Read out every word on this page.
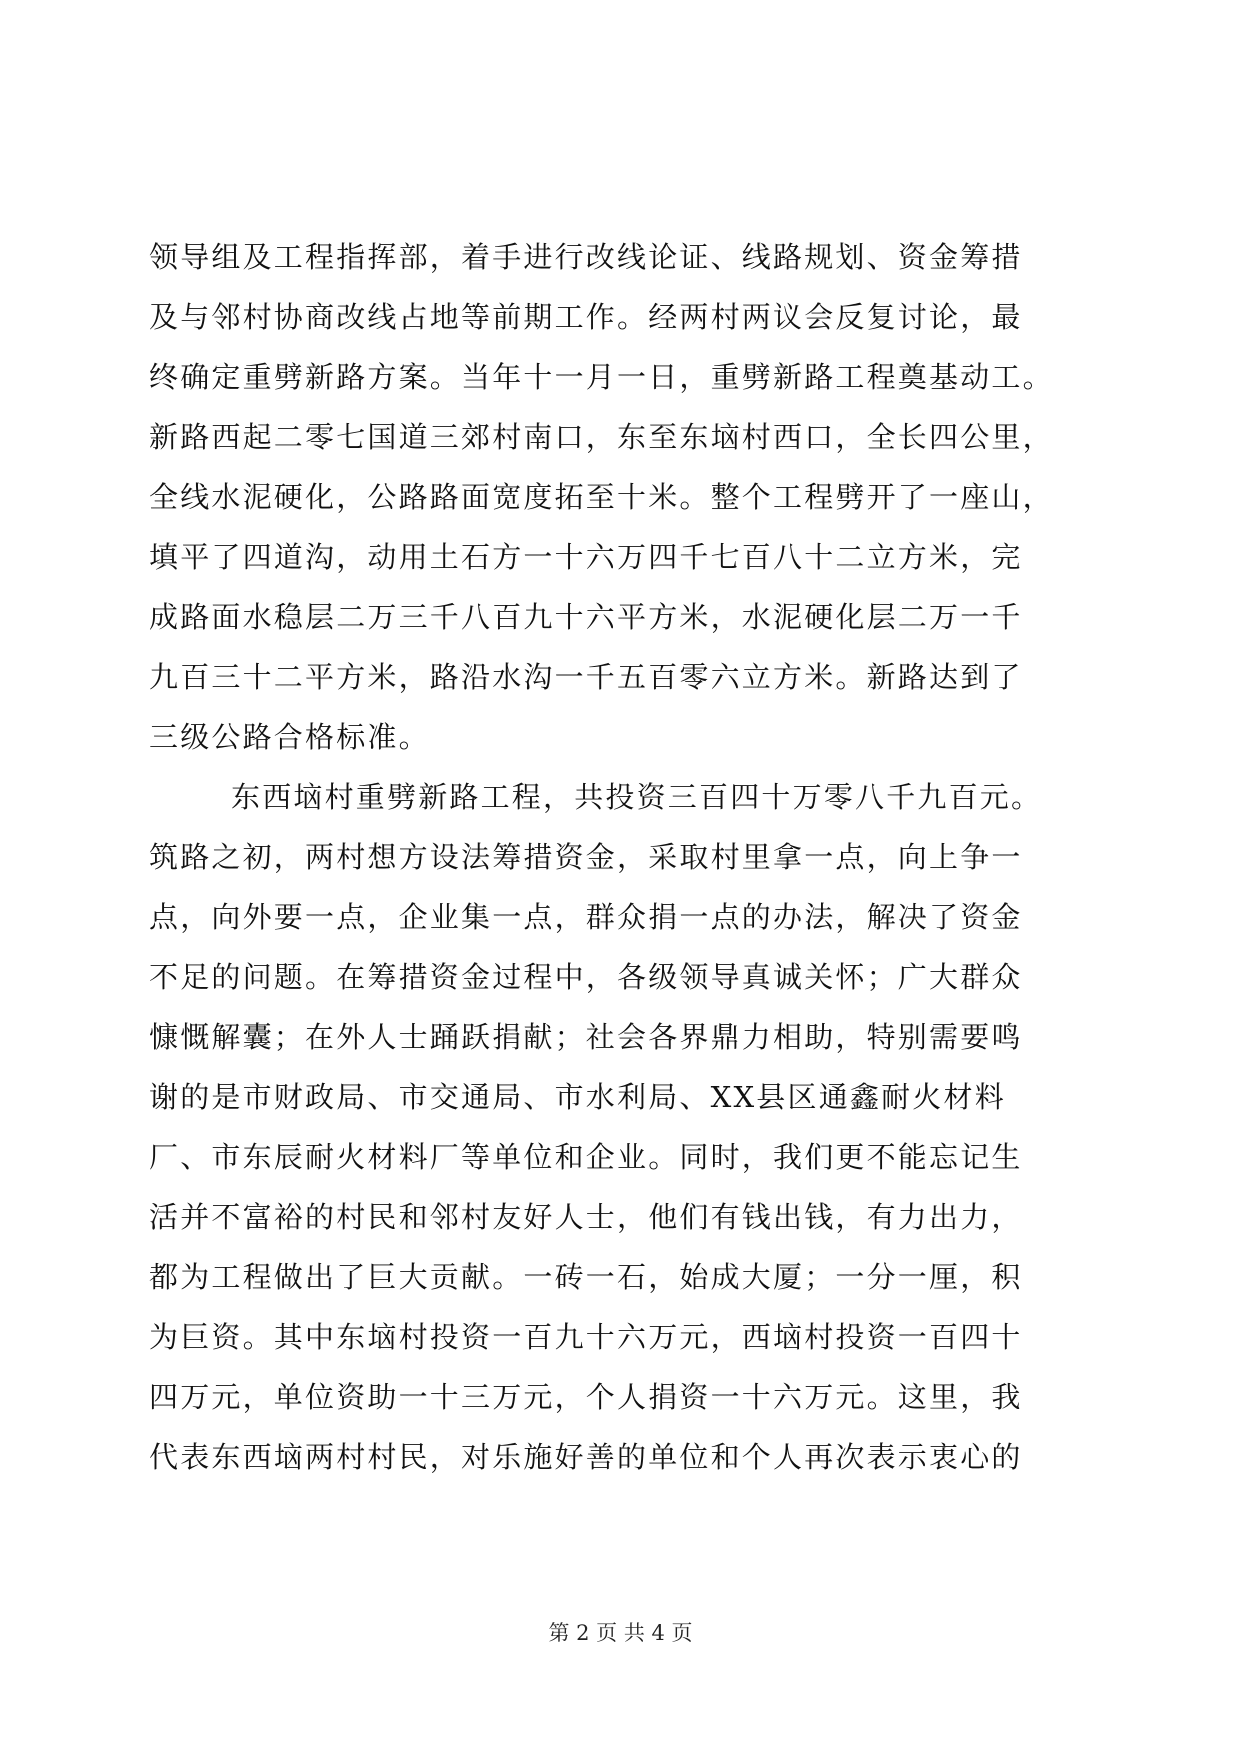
领导组及工程指挥部，着手进行改线论证、线路规划、资金筹措
及与邻村协商改线占地等前期工作。经两村两议会反复讨论，最
终确定重劈新路方案。当年十一月一日，重劈新路工程奠基动工。
新路西起二零七国道三郊村南口，东至东垴村西口，全长四公里，
全线水泥硬化，公路路面宽度拓至十米。整个工程劈开了一座山，
填平了四道沟，动用土石方一十六万四千七百八十二立方米，完
成路面水稳层二万三千八百九十六平方米，水泥硬化层二万一千
九百三十二平方米，路沿水沟一千五百零六立方米。新路达到了
三级公路合格标准。
东西垴村重劈新路工程，共投资三百四十万零八千九百元。
筑路之初，两村想方设法筹措资金，采取村里拿一点，向上争一
点，向外要一点，企业集一点，群众捐一点的办法，解决了资金
不足的问题。在筹措资金过程中，各级领导真诚关怀；广大群众
慷慨解囊；在外人士踊跃捐献；社会各界鼎力相助，特别需要鸣
谢的是市财政局、市交通局、市水利局、XX县区通鑫耐火材料
厂、市东辰耐火材料厂等单位和企业。同时，我们更不能忘记生
活并不富裕的村民和邻村友好人士，他们有钱出钱，有力出力，
都为工程做出了巨大贡献。一砖一石，始成大厦；一分一厘，积
为巨资。其中东垴村投资一百九十六万元，西垴村投资一百四十
四万元，单位资助一十三万元，个人捐资一十六万元。这里，我
代表东西垴两村村民，对乐施好善的单位和个人再次表示衷心的
第 2 页 共 4 页
